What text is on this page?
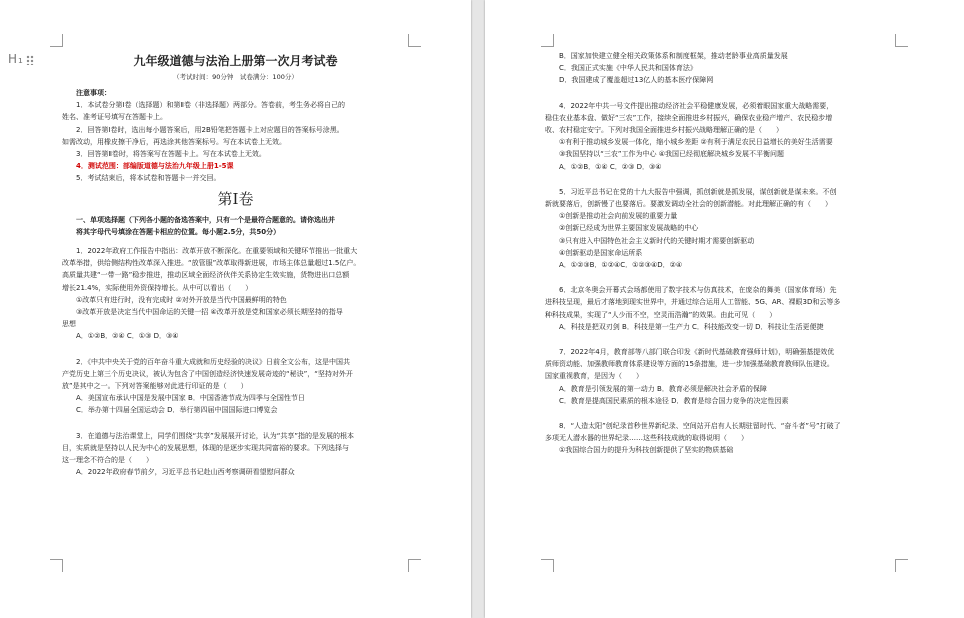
H₁	九年级道德与法治上册第一次月考试卷
（考试时间：90分钟　试卷满分：100分）
注意事项：
1．本试卷分第Ⅰ卷（选择题）和第Ⅱ卷（非选择题）两部分。答卷前，考生务必将自己的
姓名、准考证号填写在答题卡上。
2．回答第Ⅰ卷时，选出每小题答案后，用2B铅笔把答题卡上对应题目的答案标号涂黑。
如需改动，用橡皮擦干净后，再选涂其他答案标号。写在本试卷上无效。
3．回答第Ⅱ卷时，将答案写在答题卡上。写在本试卷上无效。
4．测试范围：部编版道德与法治九年级上册1-5课
5．考试结束后，将本试卷和答题卡一并交回。
第Ⅰ卷
一、单项选择题（下列各小题的备选答案中，只有一个是最符合题意的。请你选出并
将其字母代号填涂在答题卡相应的位置。每小题2.5分，共50分）
1．2022年政府工作报告中指出：改革开放不断深化。在重要领域和关键环节推出一批重大
改革举措，供给侧结构性改革深入推进。“放管服”改革取得新进展，市场主体总量超过1.5亿户。
高质量共建“一带一路”稳步推进，推动区域全面经济伙伴关系协定生效实施，货物进出口总额
增长21.4%，实际使用外资保持增长。从中可以看出（　　）
①改革只有进行时，没有完成时 ②对外开放是当代中国最鲜明的特色
③改革开放是决定当代中国命运的关键一招 ④改革开放是党和国家必须长期坚持的指导
思想
A．①②B．②④ C．①③ D．③④
2．《中共中央关于党的百年奋斗重大成就和历史经验的决议》日前全文公布，这是中国共
产党历史上第三个历史决议，被认为包含了中国创造经济快速发展奇迹的“秘诀”，“坚持对外开
放”是其中之一。下列对答案能够对此进行印证的是（　　）
A．美国宣布承认中国是发展中国家 B．中国香港节成为四季与全国性节日
C．举办第十四届全国运动会 D．举行第四届中国国际进口博览会
3．在道德与法治课堂上，同学们围绕“共享”发展展开讨论，认为“共享”指的是发展的根本
目，实质就是坚持以人民为中心的发展思想，体现的是逐步实现共同富裕的要求。下列选择与
这一理念不符合的是（　　）
A．2022年政府春节前夕，习近平总书记赴山西考察调研看望慰问群众
B．国家加快建立健全相关政策体系和制度框架，推动老龄事业高质量发展
C．我国正式实施《中华人民共和国体育法》
D．我国建成了覆盖超过13亿人的基本医疗保障网
4．2022年中共一号文件提出推动经济社会平稳健康发展，必须着眼国家重大战略需要，
稳住农业基本盘、做好“三农”工作，接续全面推进乡村振兴，确保农业稳产增产、农民稳步增
收、农村稳定安宁。下列对我国全面推进乡村振兴战略理解正确的是（　　）
①有利于推动城乡发展一体化，缩小城乡差距 ②有利于满足农民日益增长的美好生活需要
③我国坚持以“三农”工作为中心 ④我国已经彻底解决城乡发展不平衡问题
A．①②B．①④ C．②③ D．③④
5．习近平总书记在党的十九大报告中强调，抓创新就是抓发展，谋创新就是谋未来。不创
新就要落后，创新慢了也要落后。要激发调动全社会的创新潜能。对此理解正确的有（　　）
①创新是推动社会向前发展的重要力量
②创新已经成为世界主要国家发展战略的中心
③只有进入中国特色社会主义新时代的关键时期才需要创新驱动
④创新驱动是国家命运所系
A．①②③B．①②④C．①②③④D．②④
6．北京冬奥会开幕式会场都使用了数字技术与仿真技术，在庞杂的舞美（国家体育场）先
进科技呈现，最后才落地到现实世界中，并通过综合运用人工智能、5G、AR、裸眼3D和云等多
种科技成果，实现了“人少而不空，空灵而浩瀚”的效果。由此可见（　　）
A．科技是把双刃剑 B．科技是第一生产力 C．科技能改变一切 D．科技让生活更便捷
7．2022年4月，教育部等八部门联合印发《新时代基础教育强师计划》，明确强基提效优
质师资动能、加强教师教育体系建设等方面的15条措施，进一步加强基础教育教师队伍建设。
国家重视教育，是因为（　　）
A．教育是引领发展的第一动力 B．教育必须是解决社会矛盾的保障
C．教育是提高国民素质的根本途径 D．教育是综合国力竞争的决定性因素
8．“人造太阳”创纪录首秒世界新纪录、空间站开启有人长期驻留时代、“奋斗者”号”打破了
多项无人潜水器的世界纪录……这些科技成就的取得说明（　　）
①我国综合国力的提升为科技创新提供了坚实的物质基础
